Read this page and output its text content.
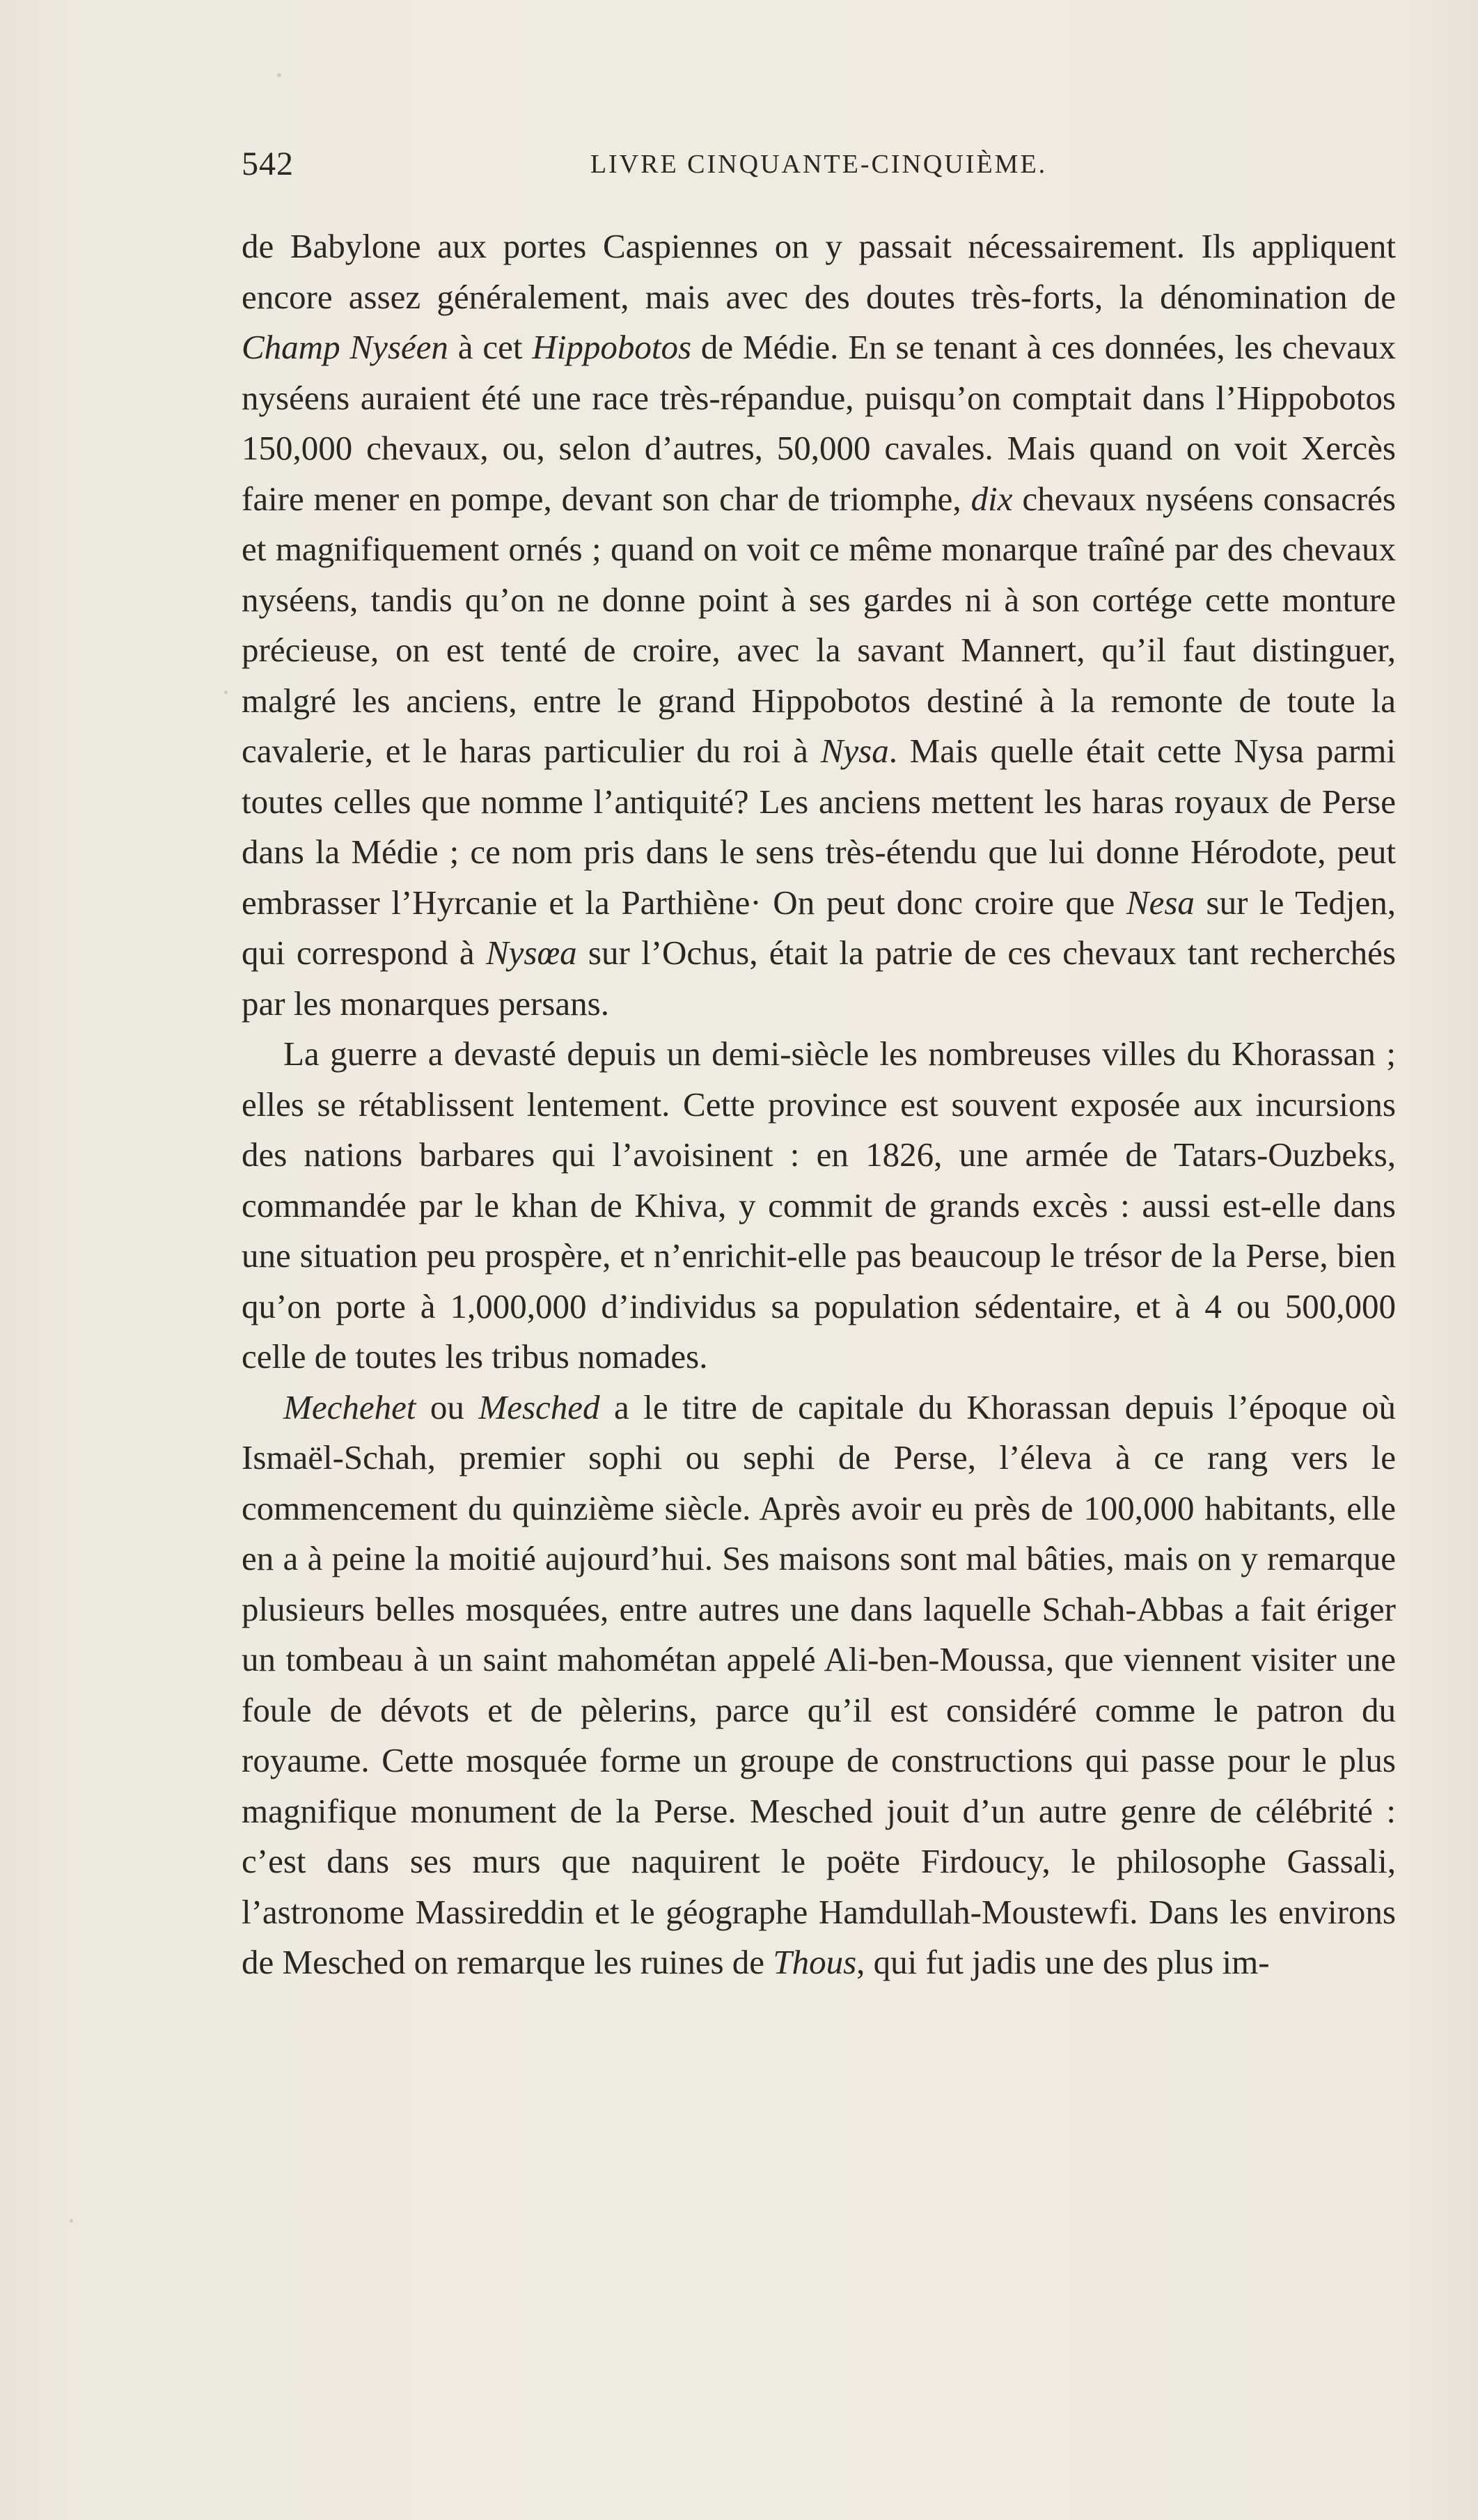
542	LIVRE CINQUANTE-CINQUIÈME.

de Babylone aux portes Caspiennes on y passait nécessairement. Ils appliquent encore assez généralement, mais avec des doutes très-forts, la dénomination de Champ Nyséen à cet Hippobotos de Médie. En se tenant à ces données, les chevaux nyséens auraient été une race très-répandue, puisqu’on comptait dans l’Hippobotos 150,000 chevaux, ou, selon d’autres, 50,000 cavales. Mais quand on voit Xercès faire mener en pompe, devant son char de triomphe, dix chevaux nyséens consacrés et magnifiquement ornés ; quand on voit ce même monarque traîné par des chevaux nyséens, tandis qu’on ne donne point à ses gardes ni à son cortége cette monture précieuse, on est tenté de croire, avec la savant Mannert, qu’il faut distinguer, malgré les anciens, entre le grand Hippobotos destiné à la remonte de toute la cavalerie, et le haras particulier du roi à Nysa. Mais quelle était cette Nysa parmi toutes celles que nomme l’antiquité? Les anciens mettent les haras royaux de Perse dans la Médie ; ce nom pris dans le sens très-étendu que lui donne Hérodote, peut embrasser l’Hyrcanie et la Parthiène· On peut donc croire que Nesa sur le Tedjen, qui correspond à Nysœa sur l’Ochus, était la patrie de ces chevaux tant recherchés par les monarques persans.

La guerre a devasté depuis un demi-siècle les nombreuses villes du Khorassan ; elles se rétablissent lentement. Cette province est souvent exposée aux incursions des nations barbares qui l’avoisinent : en 1826, une armée de Tatars-Ouzbeks, commandée par le khan de Khiva, y commit de grands excès : aussi est-elle dans une situation peu prospère, et n’enrichit-elle pas beaucoup le trésor de la Perse, bien qu’on porte à 1,000,000 d’individus sa population sédentaire, et à 4 ou 500,000 celle de toutes les tribus nomades.

Mechehet ou Mesched a le titre de capitale du Khorassan depuis l’époque où Ismaël-Schah, premier sophi ou sephi de Perse, l’éleva à ce rang vers le commencement du quinzième siècle. Après avoir eu près de 100,000 habitants, elle en a à peine la moitié aujourd’hui. Ses maisons sont mal bâties, mais on y remarque plusieurs belles mosquées, entre autres une dans laquelle Schah-Abbas a fait ériger un tombeau à un saint mahométan appelé Ali-ben-Moussa, que viennent visiter une foule de dévots et de pèlerins, parce qu’il est considéré comme le patron du royaume. Cette mosquée forme un groupe de constructions qui passe pour le plus magnifique monument de la Perse. Mesched jouit d’un autre genre de célébrité : c’est dans ses murs que naquirent le poëte Firdoucy, le philosophe Gassali, l’astronome Massireddin et le géographe Hamdullah-Moustewfi. Dans les environs de Mesched on remarque les ruines de Thous, qui fut jadis une des plus im-
